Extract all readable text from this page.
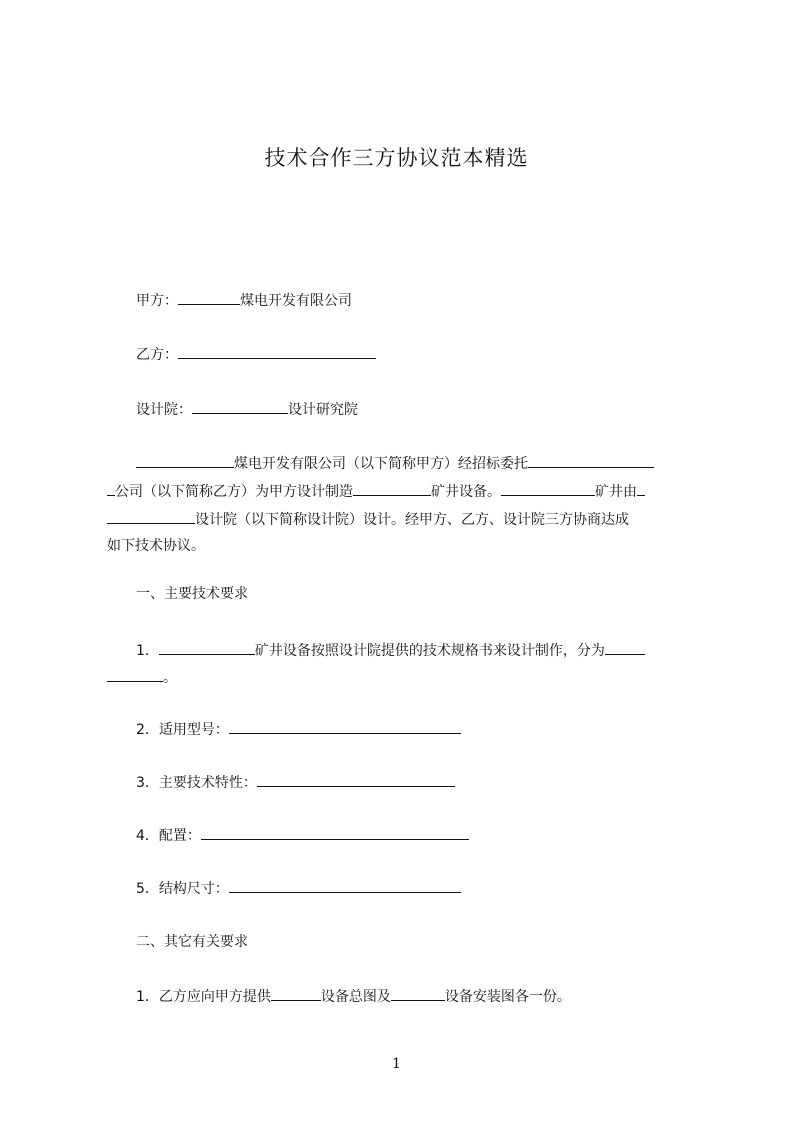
技术合作三方协议范本精选
甲方：	煤电开发有限公司
乙方：
设计院：	设计研究院
煤电开发有限公司（以下简称甲方）经招标委托
公司（以下简称乙方）为甲方设计制造	矿井设备。	矿井由
设计院（以下简称设计院）设计。经甲方、乙方、设计院三方协商达成
如下技术协议。
一、主要技术要求
1．	矿井设备按照设计院提供的技术规格书来设计制作，分为
。
2．适用型号：
3．主要技术特性：
4．配置：
5．结构尺寸：
二、其它有关要求
1．乙方应向甲方提供	设备总图及	设备安装图各一份。
1
